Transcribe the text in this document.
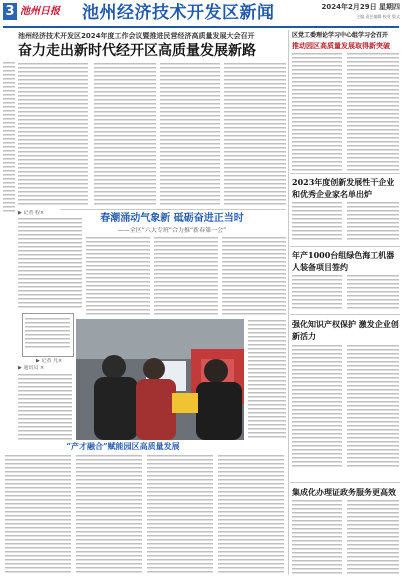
3 池州日报	池州经济技术开发区新闻	2024年2月29日 星期四
主编 责任编辑 校对 版式
池州经济技术开发区2024年度工作会议暨推进民营经济高质量发展大会召开
奋力走出新时代经开区高质量发展新路
区党工委理论学习中心组学习会召开
推动园区高质量发展取得新突破
2023年度创新发展性干企业和优秀企业家名单出炉
年产1000台组绿色海工机器人装备项目签约
强化知识产权保护 激发企业创新活力
集成化办理证政务服务更高效
春潮涌动气象新 砥砺奋进正当时
——全区“六大专班”合力推“新春第一会”
▶ 记者 程×
▶ 记者 凡×
▶ 通讯员 ×
“产才融合”赋能园区高质量发展
